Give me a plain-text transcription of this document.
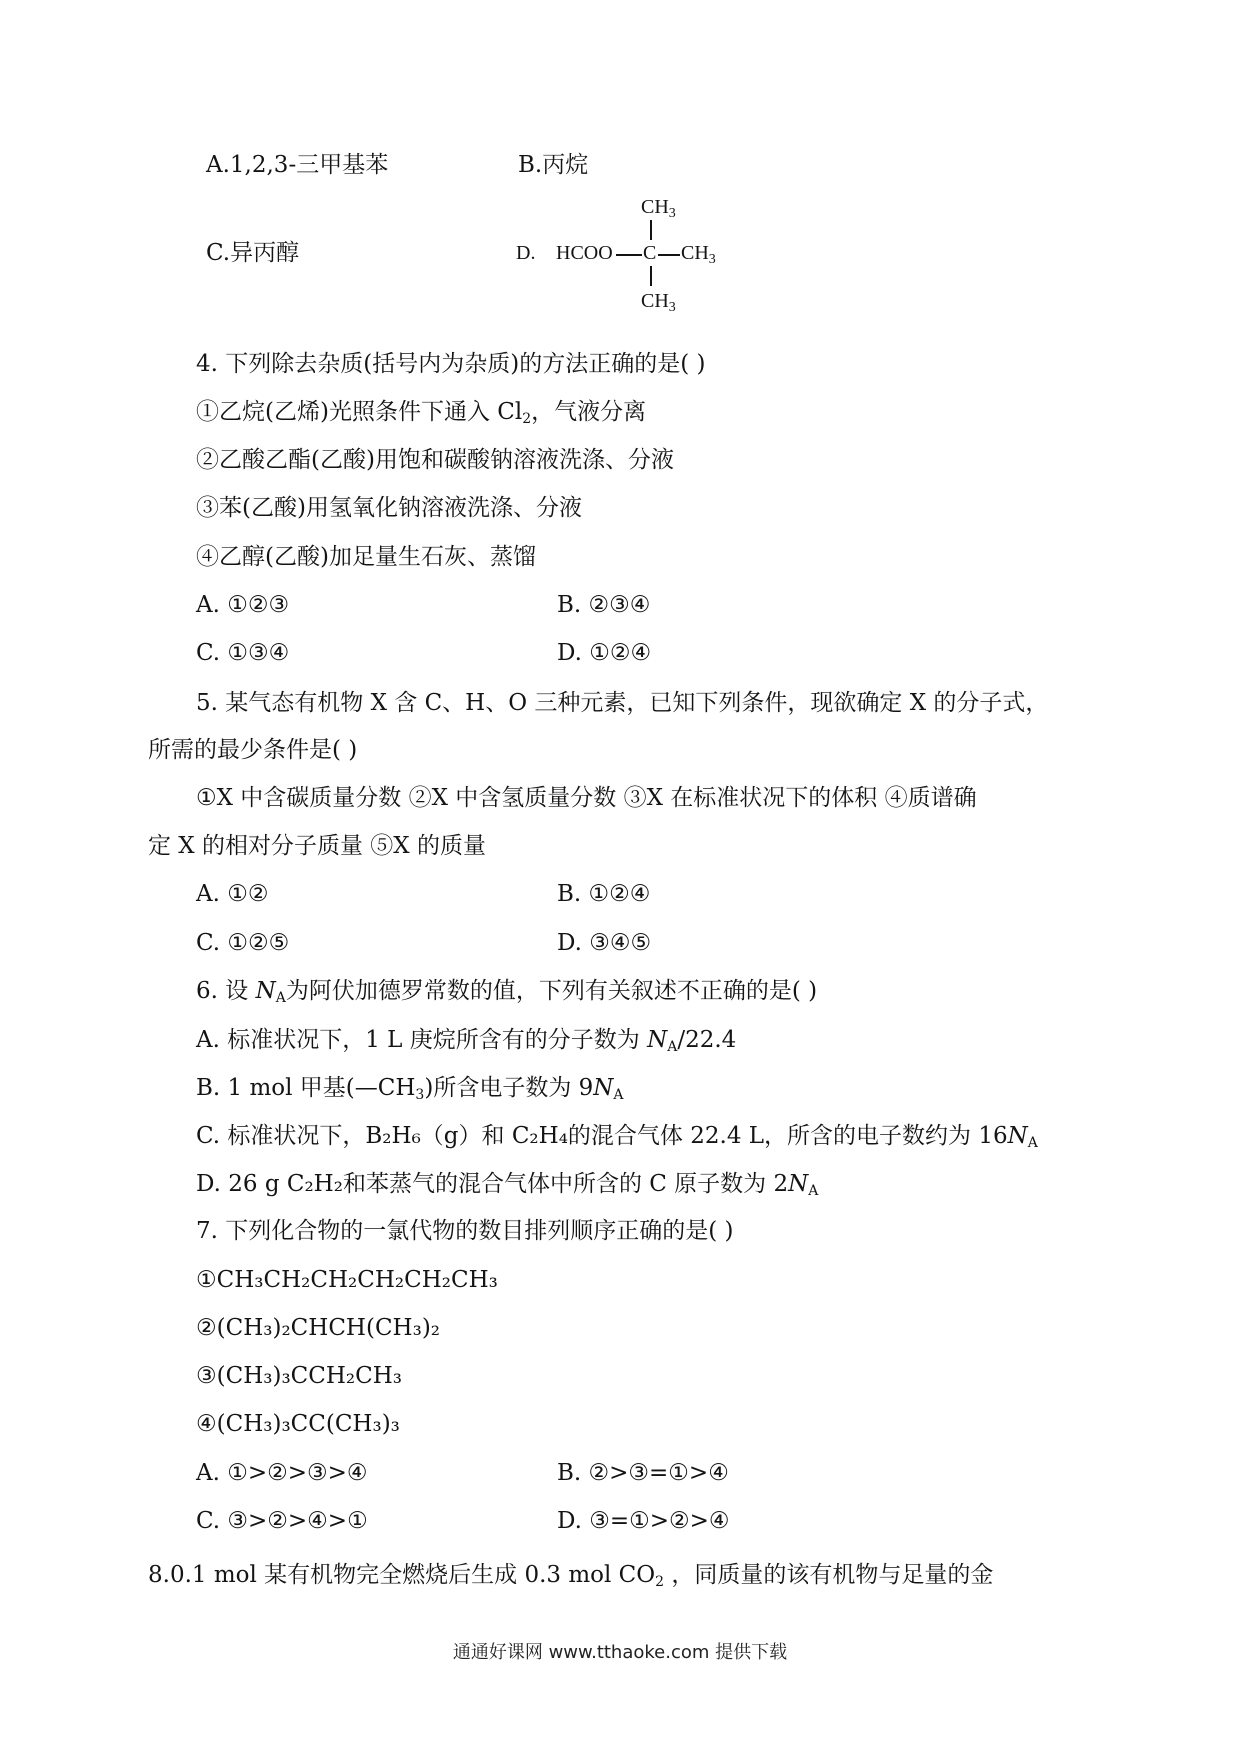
A.1,2,3-三甲基苯	B.丙烷
C.异丙醇	D. HCOO C $CH_3$
$CH_3$
$CH_3$
4. 下列除去杂质(括号内为杂质)的方法正确的是( )
①乙烷(乙烯)光照条件下通入 $Cl_2$，气液分离
②乙酸乙酯(乙酸)用饱和碳酸钠溶液洗涤、分液
③苯(乙酸)用氢氧化钠溶液洗涤、分液
④乙醇(乙酸)加足量生石灰、蒸馏
A. ①②③	B. ②③④
C. ①③④	D. ①②④
5. 某气态有机物 X 含 C、H、O 三种元素，已知下列条件，现欲确定 X 的分子式，
所需的最少条件是( )
①X 中含碳质量分数 ②X 中含氢质量分数 ③X 在标准状况下的体积 ④质谱确
定 X 的相对分子质量 ⑤X 的质量
A. ①②	B. ①②④
C. ①②⑤	D. ③④⑤
6. 设 $N_A$为阿伏加德罗常数的值，下列有关叙述不正确的是( )
A. 标准状况下，1 L 庚烷所含有的分子数为 $N_A/22.4$
B. 1 mol 甲基$(—CH_3)$所含电子数为 $9N_A$
C. 标准状况下，B₂H₆（g）和 C₂H₄的混合气体 22.4 L，所含的电子数约为 $16N_A$
D. 26 g C₂H₂和苯蒸气的混合气体中所含的 C 原子数为 $2N_A$
7. 下列化合物的一氯代物的数目排列顺序正确的是( )
①CH₃CH₂CH₂CH₂CH₂CH₃
②(CH₃)₂CHCH(CH₃)₂
③(CH₃)₃CCH₂CH₃
④(CH₃)₃CC(CH₃)₃
A. ①>②>③>④	B. ②>③=①>④
C. ③>②>④>①	D. ③=①>②>④
8.0.1 mol 某有机物完全燃烧后生成 0.3 mol $CO_2$ ，同质量的该有机物与足量的金
通通好课网 www.tthaoke.com 提供下载
